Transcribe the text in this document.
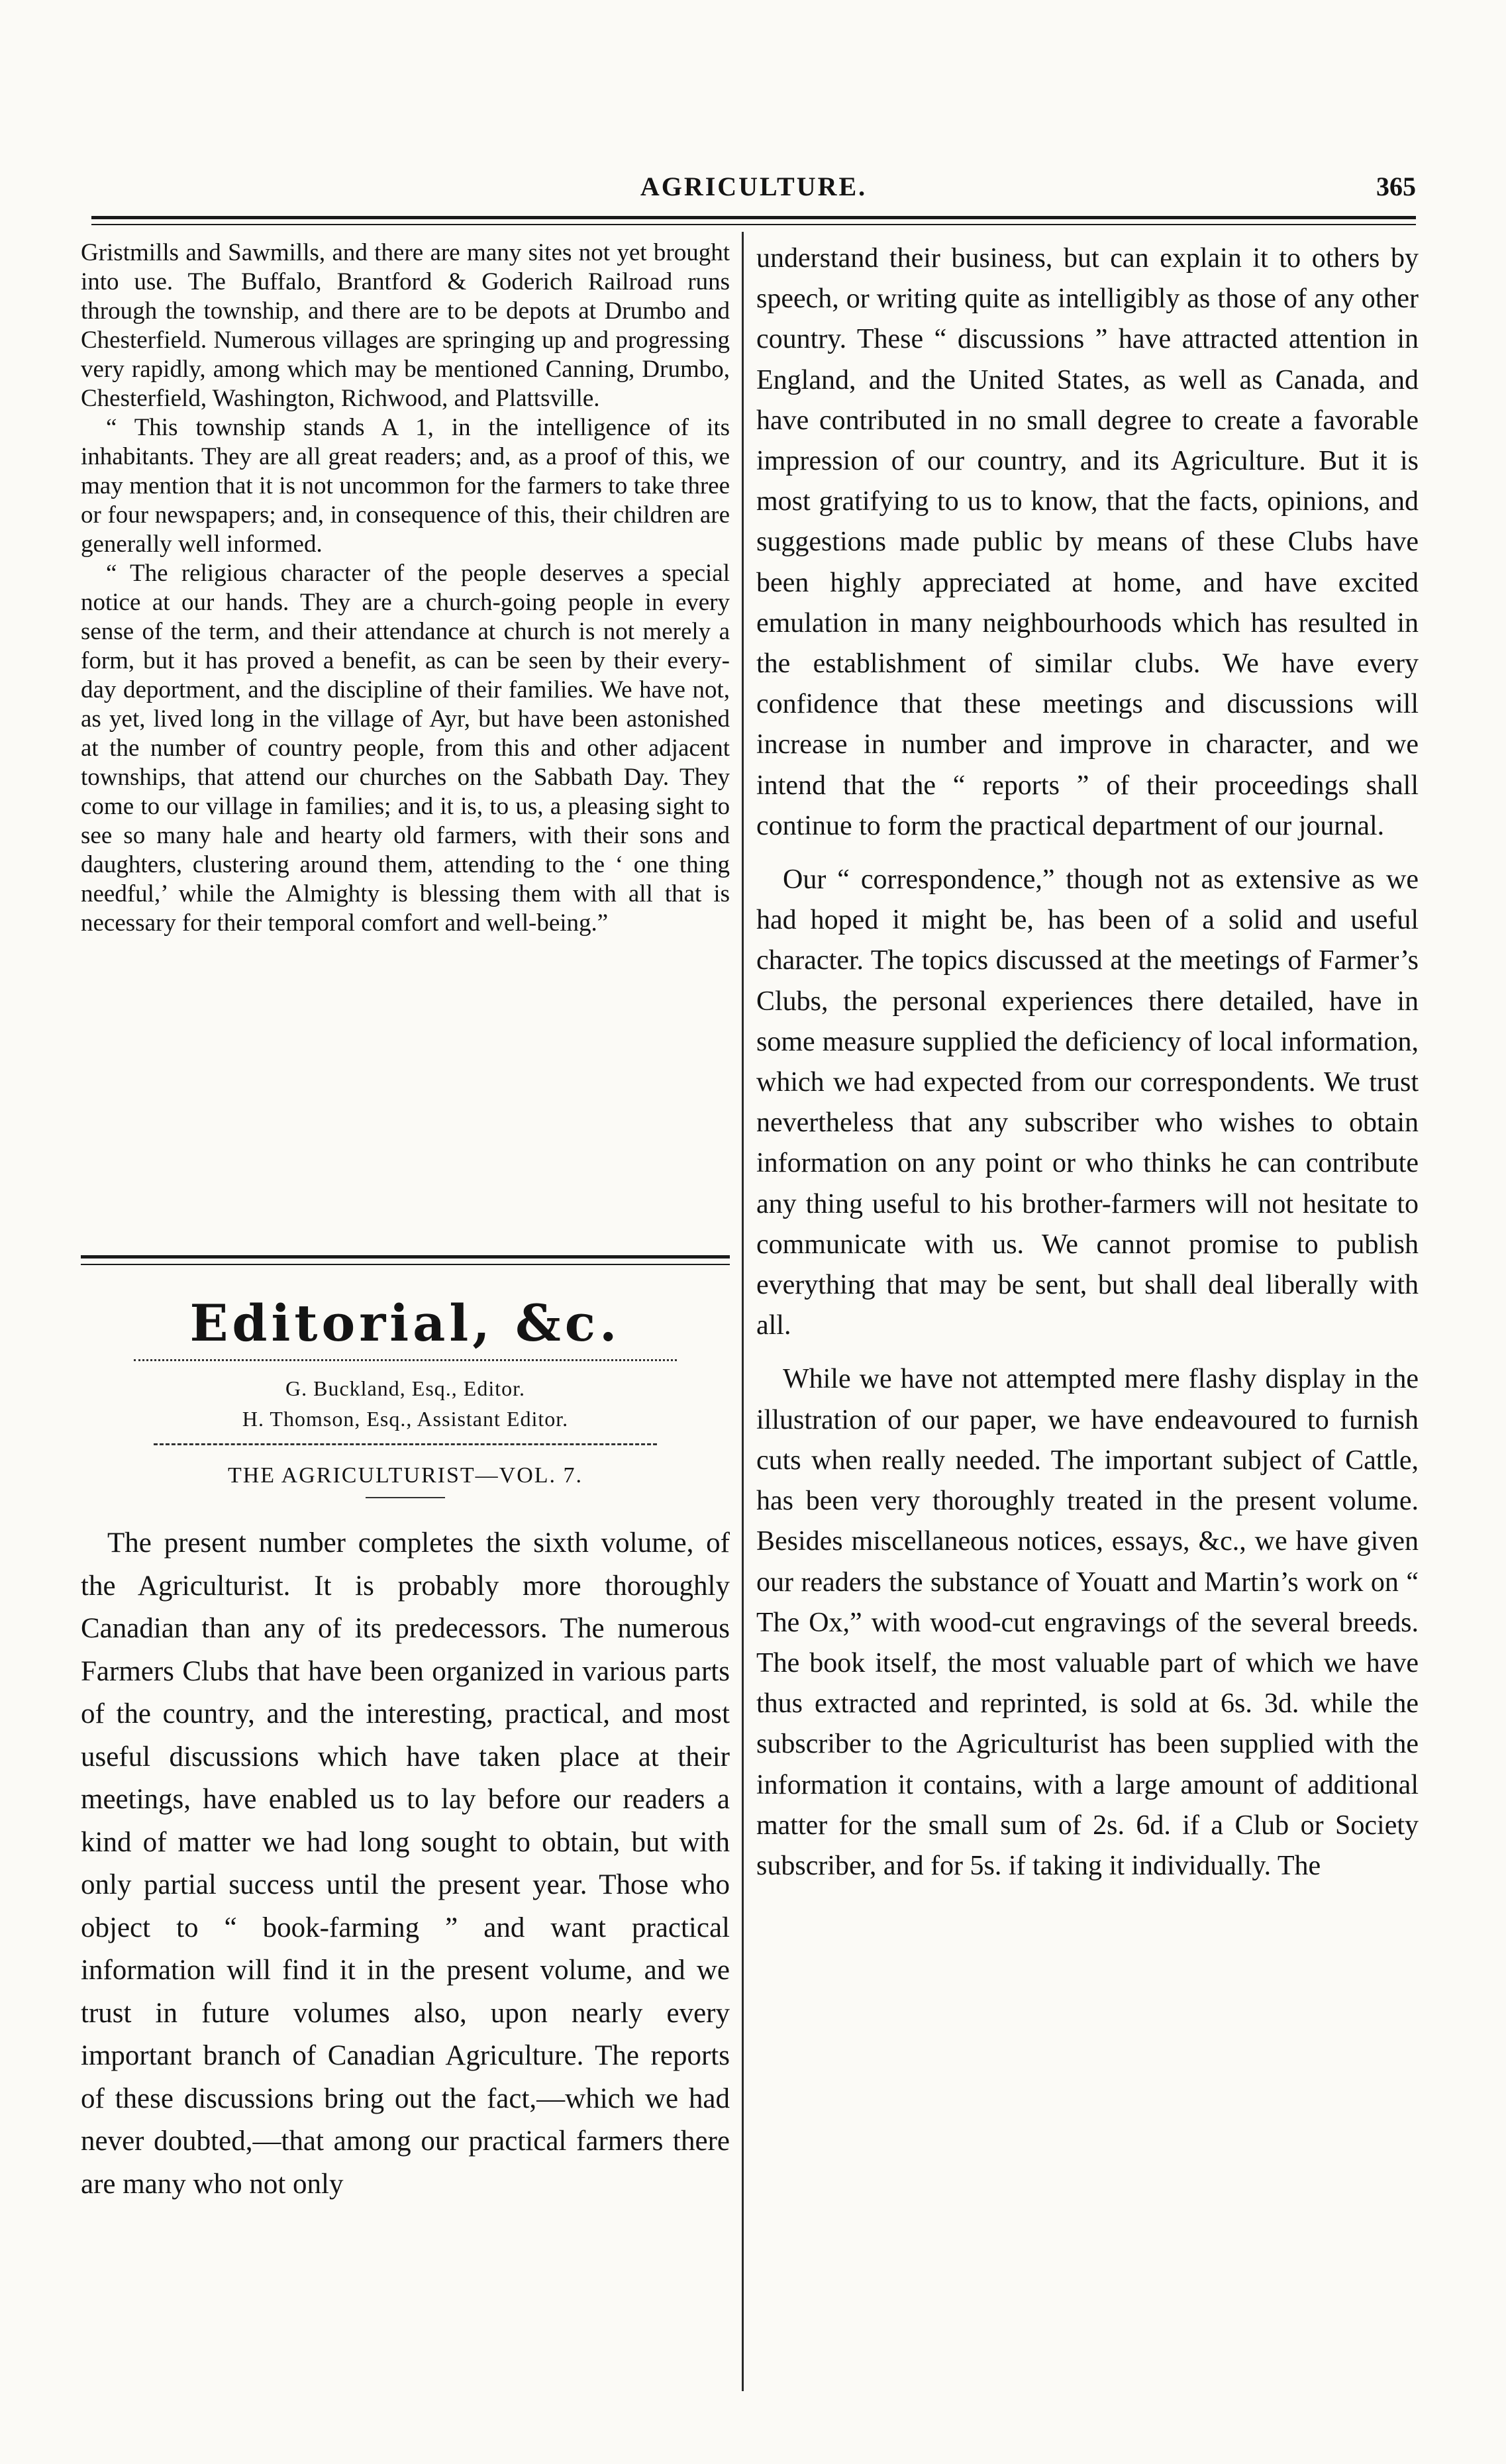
AGRICULTURE.	365

Gristmills and Sawmills, and there are many sites not yet brought into use. The Buffalo, Brantford & Goderich Railroad runs through the township, and there are to be depots at Drumbo and Chesterfield. Numerous villages are springing up and progressing very rapidly, among which may be mentioned Canning, Drumbo, Chesterfield, Washington, Richwood, and Plattsville.

“ This township stands A 1, in the intelligence of its inhabitants. They are all great readers; and, as a proof of this, we may mention that it is not uncommon for the farmers to take three or four newspapers; and, in consequence of this, their children are generally well informed.

“ The religious character of the people deserves a special notice at our hands. They are a church-going people in every sense of the term, and their attendance at church is not merely a form, but it has proved a benefit, as can be seen by their every-day deportment, and the discipline of their families. We have not, as yet, lived long in the village of Ayr, but have been astonished at the number of country people, from this and other adjacent townships, that attend our churches on the Sabbath Day. They come to our village in families; and it is, to us, a pleasing sight to see so many hale and hearty old farmers, with their sons and daughters, clustering around them, attending to the ‘ one thing needful,’ while the Almighty is blessing them with all that is necessary for their temporal comfort and well-being.”

Editorial, &c.
G. Buckland, Esq., Editor.
H. Thomson, Esq., Assistant Editor.
THE AGRICULTURIST—VOL. 7.

The present number completes the sixth volume, of the Agriculturist. It is probably more thoroughly Canadian than any of its predecessors. The numerous Farmers Clubs that have been organized in various parts of the country, and the interesting, practical, and most useful discussions which have taken place at their meetings, have enabled us to lay before our readers a kind of matter we had long sought to obtain, but with only partial success until the present year. Those who object to “ book-farming ” and want practical information will find it in the present volume, and we trust in future volumes also, upon nearly every important branch of Canadian Agriculture. The reports of these discussions bring out the fact,—which we had never doubted,—that among our practical farmers there are many who not only

understand their business, but can explain it to others by speech, or writing quite as intelligibly as those of any other country. These “ discussions ” have attracted attention in England, and the United States, as well as Canada, and have contributed in no small degree to create a favorable impression of our country, and its Agriculture. But it is most gratifying to us to know, that the facts, opinions, and suggestions made public by means of these Clubs have been highly appreciated at home, and have excited emulation in many neighbourhoods which has resulted in the establishment of similar clubs. We have every confidence that these meetings and discussions will increase in number and improve in character, and we intend that the “ reports ” of their proceedings shall continue to form the practical department of our journal.

Our “ correspondence,” though not as extensive as we had hoped it might be, has been of a solid and useful character. The topics discussed at the meetings of Farmer’s Clubs, the personal experiences there detailed, have in some measure supplied the deficiency of local information, which we had expected from our correspondents. We trust nevertheless that any subscriber who wishes to obtain information on any point or who thinks he can contribute any thing useful to his brother-farmers will not hesitate to communicate with us. We cannot promise to publish everything that may be sent, but shall deal liberally with all.

While we have not attempted mere flashy display in the illustration of our paper, we have endeavoured to furnish cuts when really needed. The important subject of Cattle, has been very thoroughly treated in the present volume. Besides miscellaneous notices, essays, &c., we have given our readers the substance of Youatt and Martin’s work on “ The Ox,” with wood-cut engravings of the several breeds. The book itself, the most valuable part of which we have thus extracted and reprinted, is sold at 6s. 3d. while the subscriber to the Agriculturist has been supplied with the information it contains, with a large amount of additional matter for the small sum of 2s. 6d. if a Club or Society subscriber, and for 5s. if taking it individually. The
